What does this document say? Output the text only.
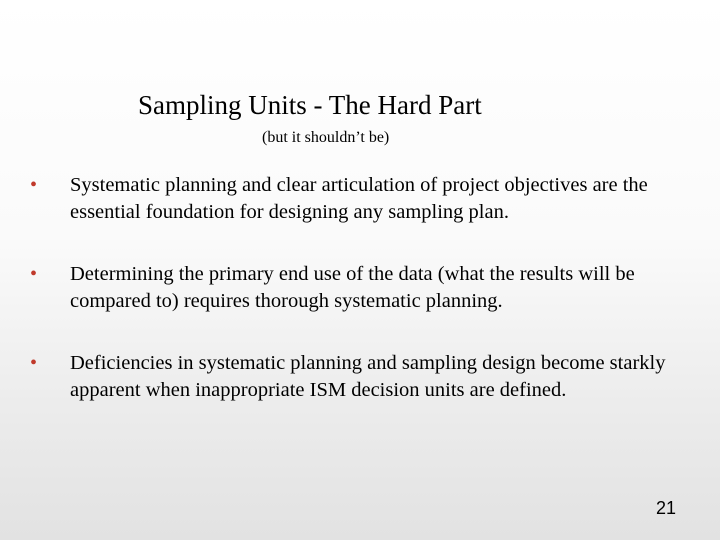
Sampling Units - The Hard Part
(but it shouldn’t be)
•	Systematic planning and clear articulation of project objectives are the essential foundation for designing any sampling plan.
•	Determining the primary end use of the data (what the results will be compared to) requires thorough systematic planning.
•	Deficiencies in systematic planning and sampling design become starkly apparent when inappropriate ISM decision units are defined.
21
